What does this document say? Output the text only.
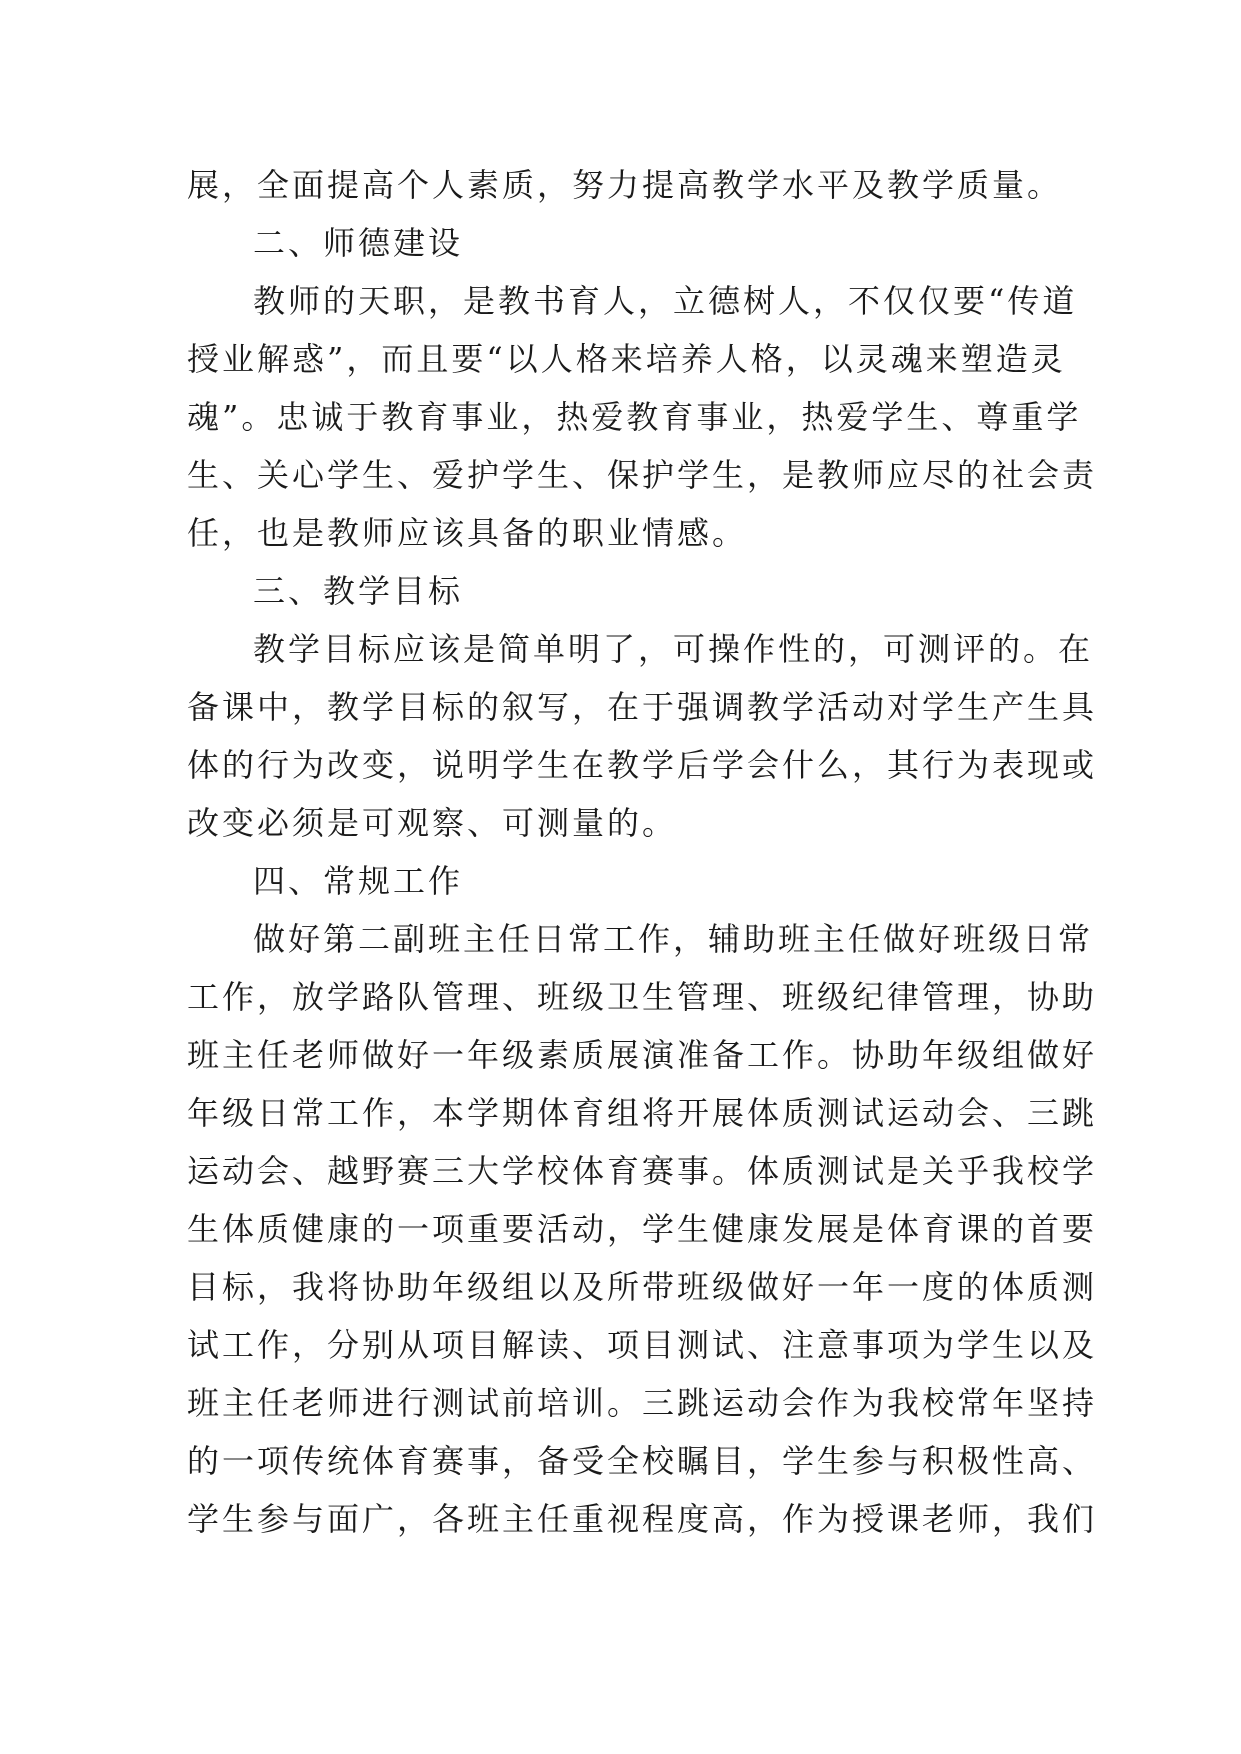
展，全面提高个人素质，努力提高教学水平及教学质量。
二、师德建设
教师的天职，是教书育人，立德树人，不仅仅要“传道
授业解惑”，而且要“以人格来培养人格，以灵魂来塑造灵
魂”。忠诚于教育事业，热爱教育事业，热爱学生、尊重学
生、关心学生、爱护学生、保护学生，是教师应尽的社会责
任，也是教师应该具备的职业情感。
三、教学目标
教学目标应该是简单明了，可操作性的，可测评的。在
备课中，教学目标的叙写，在于强调教学活动对学生产生具
体的行为改变，说明学生在教学后学会什么，其行为表现或
改变必须是可观察、可测量的。
四、常规工作
做好第二副班主任日常工作，辅助班主任做好班级日常
工作，放学路队管理、班级卫生管理、班级纪律管理，协助
班主任老师做好一年级素质展演准备工作。协助年级组做好
年级日常工作，本学期体育组将开展体质测试运动会、三跳
运动会、越野赛三大学校体育赛事。体质测试是关乎我校学
生体质健康的一项重要活动，学生健康发展是体育课的首要
目标，我将协助年级组以及所带班级做好一年一度的体质测
试工作，分别从项目解读、项目测试、注意事项为学生以及
班主任老师进行测试前培训。三跳运动会作为我校常年坚持
的一项传统体育赛事，备受全校瞩目，学生参与积极性高、
学生参与面广，各班主任重视程度高，作为授课老师，我们
